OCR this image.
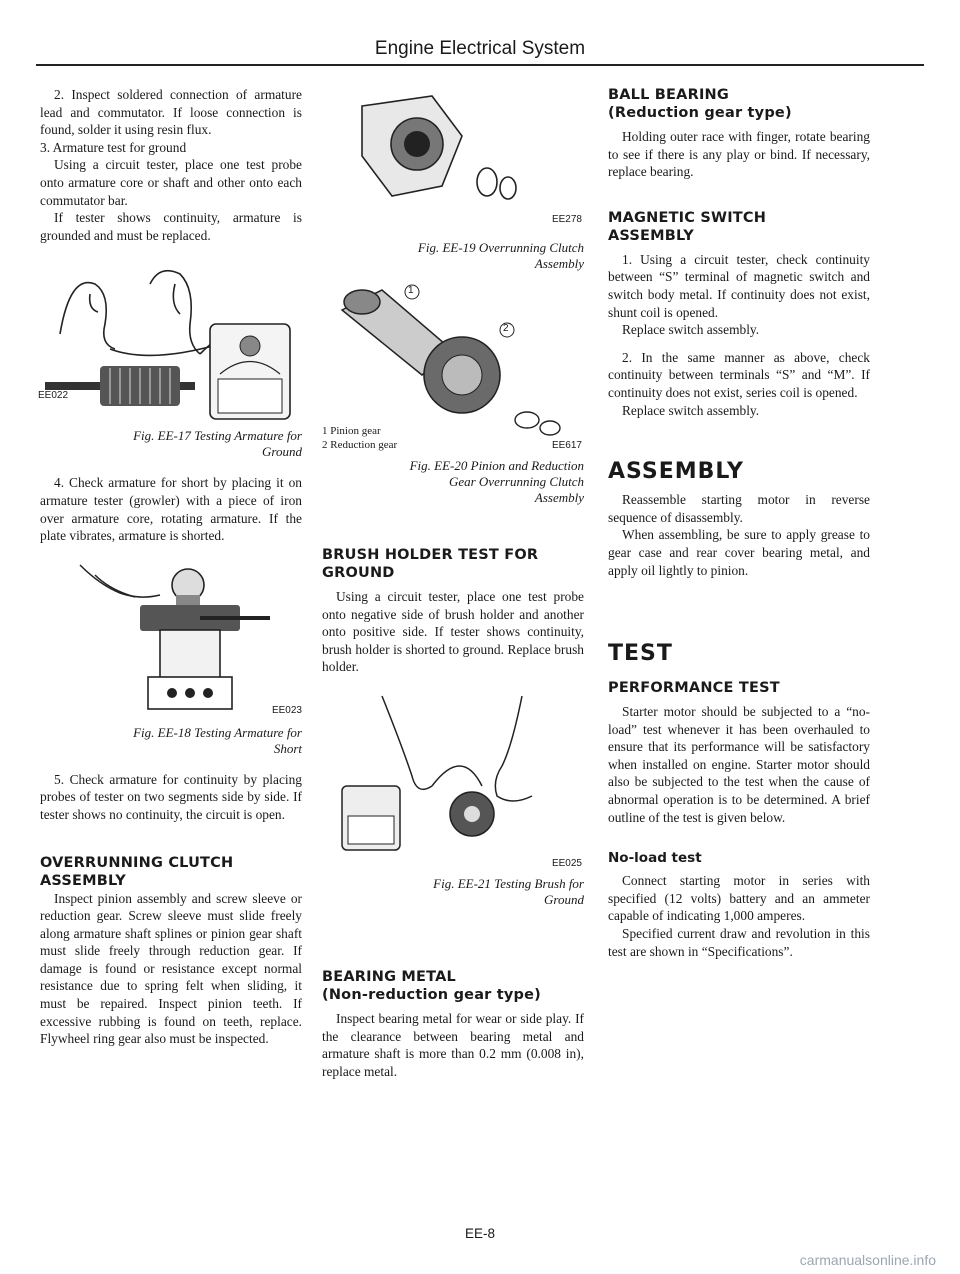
Engine Electrical System

2. Inspect soldered connection of armature lead and commutator. If loose connection is found, solder it using resin flux.

3. Armature test for ground

Using a circuit tester, place one test probe onto armature core or shaft and other onto each commutator bar.

If tester shows continuity, armature is grounded and must be replaced.

EE022

Fig. EE-17 Testing Armature for

Ground

4. Check armature for short by placing it on armature tester (growler) with a piece of iron over armature core, rotating armature. If the plate vibrates, armature is shorted.

EE023

Fig. EE-18 Testing Armature for

Short

5. Check armature for continuity by placing probes of tester on two segments side by side. If tester shows no continuity, the circuit is open.

OVERRUNNING CLUTCH

ASSEMBLY

Inspect pinion assembly and screw sleeve or reduction gear. Screw sleeve must slide freely along armature shaft splines or pinion gear shaft must slide freely through reduction gear. If damage is found or resistance except normal resistance due to spring felt when sliding, it must be repaired. Inspect pinion teeth. If excessive rubbing is found on teeth, replace. Flywheel ring gear also must be inspected.

EE278

Fig. EE-19 Overrunning Clutch

Assembly

1
2
1 Pinion gear
2 Reduction gear	EE617

Fig. EE-20 Pinion and Reduction

Gear Overrunning Clutch

Assembly

BRUSH HOLDER TEST FOR

GROUND

Using a circuit tester, place one test probe onto negative side of brush holder and another onto positive side. If tester shows continuity, brush holder is shorted to ground. Replace brush holder.

EE025

Fig. EE-21 Testing Brush for

Ground

BEARING METAL

(Non-reduction gear type)

Inspect bearing metal for wear or side play. If the clearance between bearing metal and armature shaft is more than 0.2 mm (0.008 in), replace metal.

BALL BEARING

(Reduction gear type)

Holding outer race with finger, rotate bearing to see if there is any play or bind. If necessary, replace bearing.

MAGNETIC SWITCH

ASSEMBLY

1. Using a circuit tester, check continuity between “S” terminal of magnetic switch and switch body metal. If continuity does not exist, shunt coil is opened.

Replace switch assembly.

2. In the same manner as above, check continuity between terminals “S” and “M”. If continuity does not exist, series coil is opened.

Replace switch assembly.

ASSEMBLY

Reassemble starting motor in reverse sequence of disassembly.

When assembling, be sure to apply grease to gear case and rear cover bearing metal, and apply oil lightly to pinion.

TEST

PERFORMANCE TEST

Starter motor should be subjected to a “no-load” test whenever it has been overhauled to ensure that its performance will be satisfactory when installed on engine. Starter motor should also be subjected to the test when the cause of abnormal operation is to be determined. A brief outline of the test is given below.

No-load test

Connect starting motor in series with specified (12 volts) battery and an ammeter capable of indicating 1,000 amperes.

Specified current draw and revolution in this test are shown in “Specifications”.

EE-8
carmanualsonline.info
